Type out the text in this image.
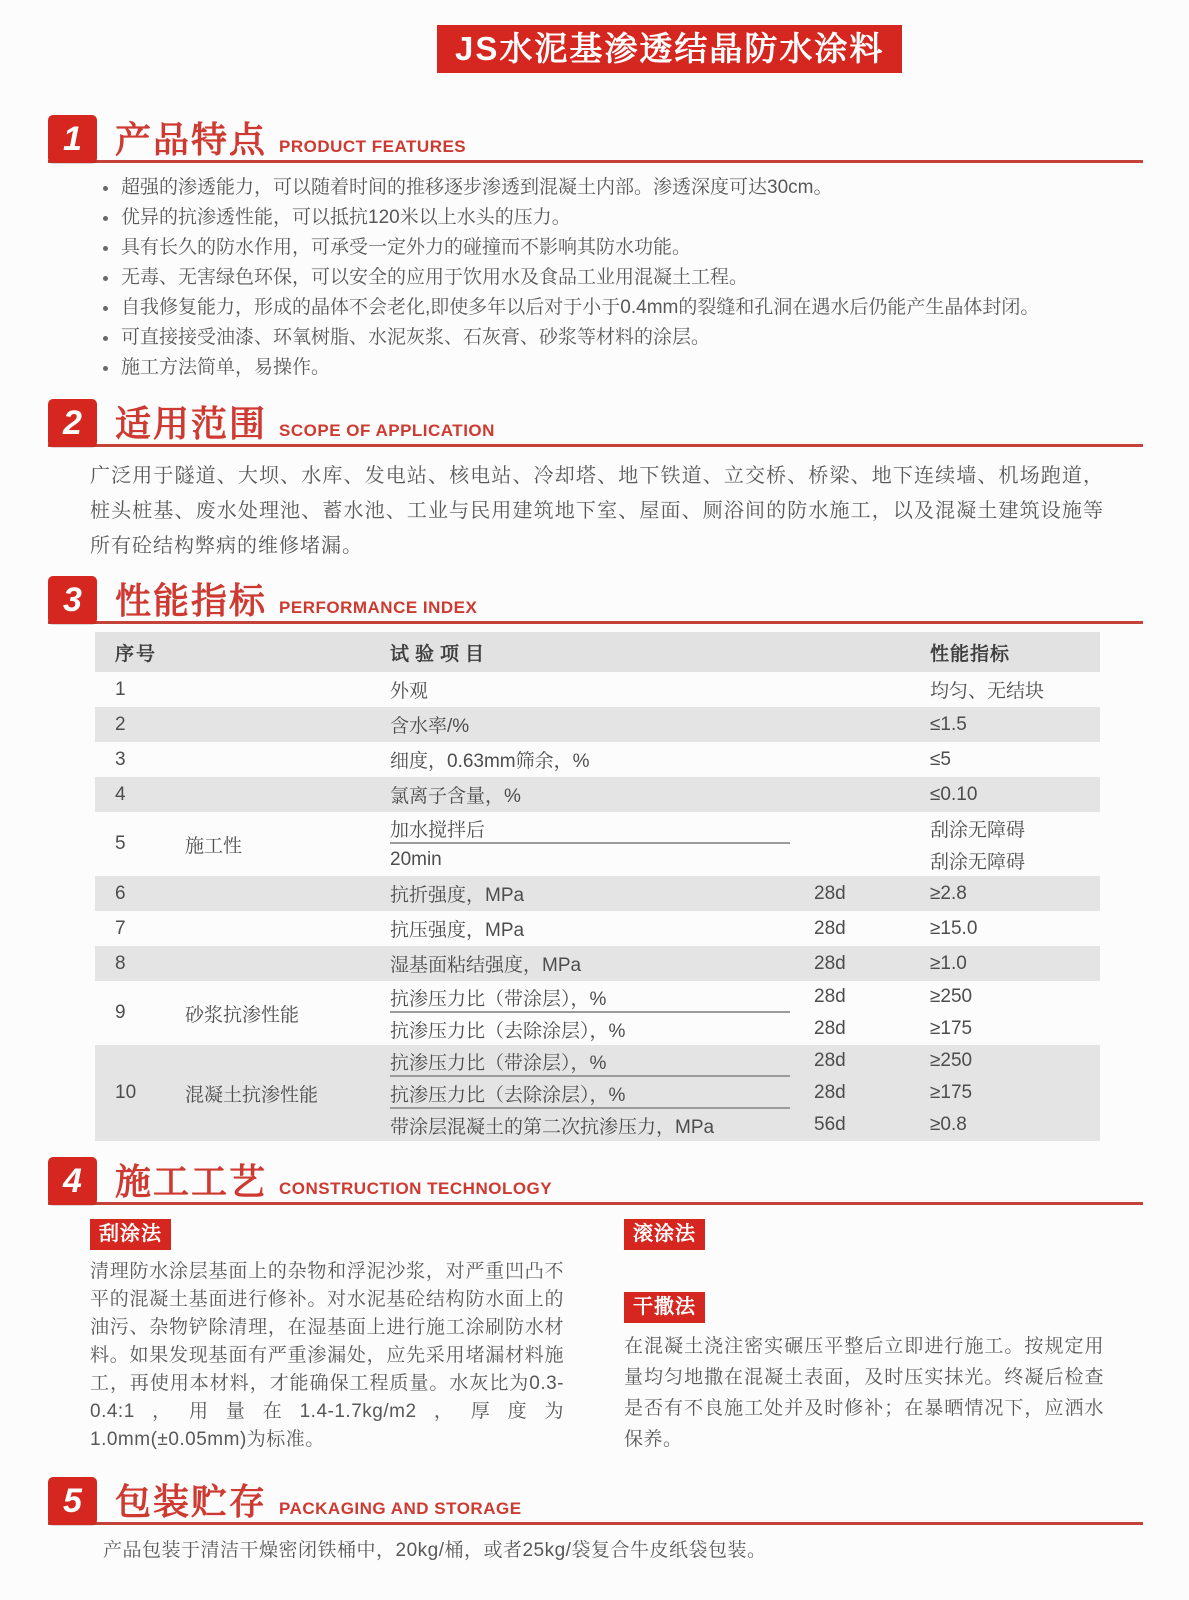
JS水泥基渗透结晶防水涂料
1 产品特点 PRODUCT FEATURES
超强的渗透能力，可以随着时间的推移逐步渗透到混凝土内部。渗透深度可达30cm。
优异的抗渗透性能，可以抵抗120米以上水头的压力。
具有长久的防水作用，可承受一定外力的碰撞而不影响其防水功能。
无毒、无害绿色环保，可以安全的应用于饮用水及食品工业用混凝土工程。
自我修复能力，形成的晶体不会老化,即使多年以后对于小于0.4mm的裂缝和孔洞在遇水后仍能产生晶体封闭。
可直接接受油漆、环氧树脂、水泥灰浆、石灰膏、砂浆等材料的涂层。
施工方法简单，易操作。
2 适用范围 SCOPE OF APPLICATION

广泛用于隧道、大坝、水库、发电站、核电站、冷却塔、地下铁道、立交桥、桥梁、地下连续墙、机场跑道，桩头桩基、废水处理池、蓄水池、工业与民用建筑地下室、屋面、厕浴间的防水施工，以及混凝土建筑设施等所有砼结构弊病的维修堵漏。

3 性能指标 PERFORMANCE INDEX
序号	试验项目	性能指标
1	外观	均匀、无结块
2	含水率/%	≤1.5
3	细度，0.63mm筛余，%	≤5
4	氯离子含量，%	≤0.10
5	施工性
加水搅拌后	刮涂无障碍
20min	刮涂无障碍
6	抗折强度，MPa	28d	≥2.8
7	抗压强度，MPa	28d	≥15.0
8	湿基面粘结强度，MPa	28d	≥1.0
9	砂浆抗渗性能
抗渗压力比（带涂层），%	28d	≥250
抗渗压力比（去除涂层），%	28d	≥175
10	混凝土抗渗性能
抗渗压力比（带涂层），%	28d	≥250
抗渗压力比（去除涂层），%	28d	≥175
带涂层混凝土的第二次抗渗压力，MPa	56d	≥0.8
4 施工工艺 CONSTRUCTION TECHNOLOGY
刮涂法

清理防水涂层基面上的杂物和浮泥沙浆，对严重凹凸不平的混凝土基面进行修补。对水泥基砼结构防水面上的油污、杂物铲除清理，在湿基面上进行施工涂刷防水材料。如果发现基面有严重渗漏处，应先采用堵漏材料施工，再使用本材料，才能确保工程质量。水灰比为0.3-0.4:1，用量在1.4-1.7kg/m2，厚度为1.0mm(±0.05mm)为标准。

滚涂法

干撒法

在混凝土浇注密实碾压平整后立即进行施工。按规定用量均匀地撒在混凝土表面，及时压实抹光。终凝后检查是否有不良施工处并及时修补；在暴晒情况下，应洒水保养。

5 包装贮存 PACKAGING AND STORAGE

产品包装于清洁干燥密闭铁桶中，20kg/桶，或者25kg/袋复合牛皮纸袋包装。
